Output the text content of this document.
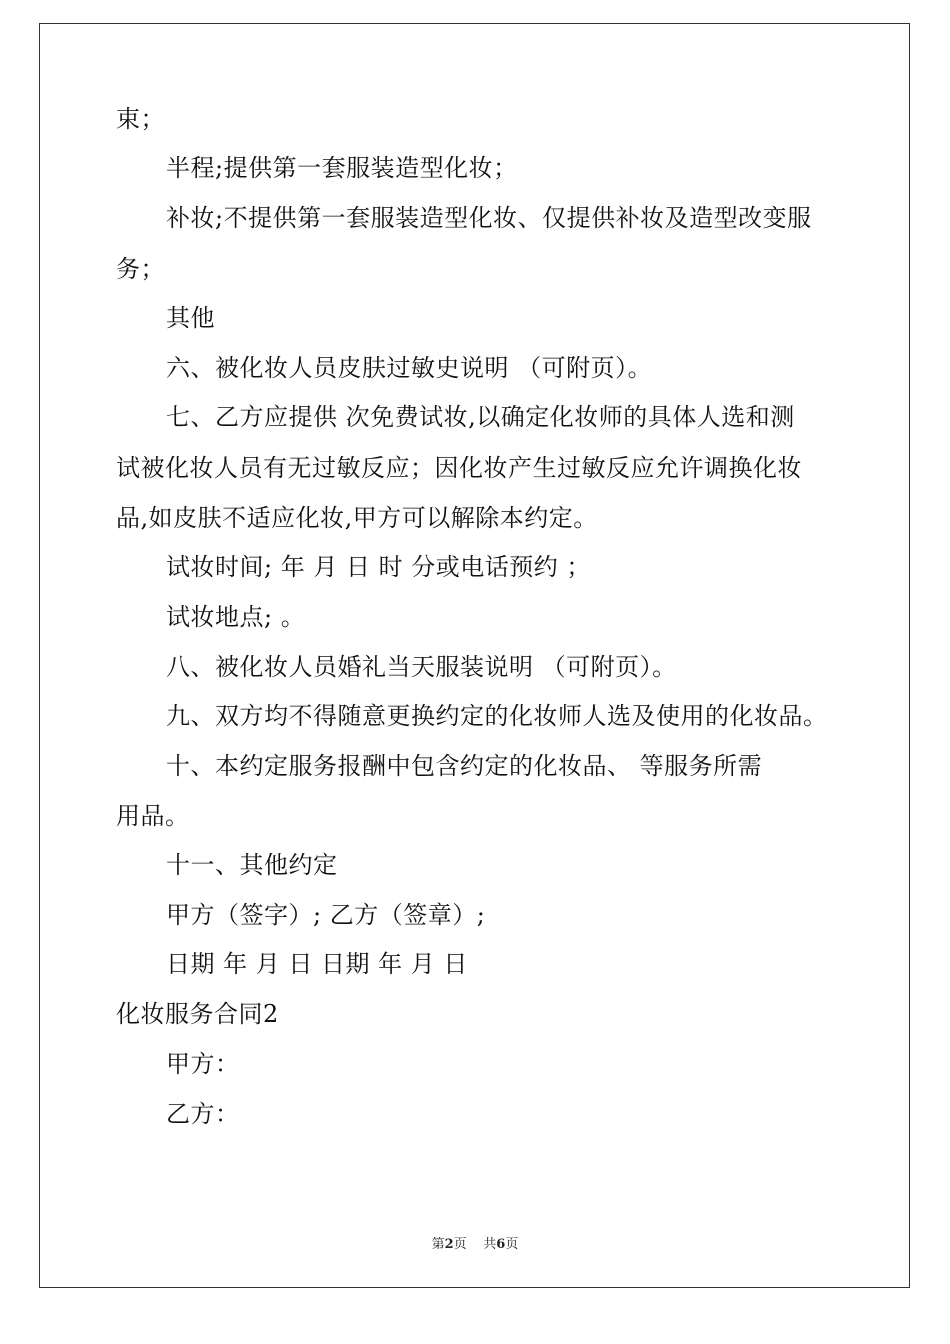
束；
半程;提供第一套服装造型化妆；
补妆;不提供第一套服装造型化妆、仅提供补妆及造型改变服
务；
其他
六、被化妆人员皮肤过敏史说明 （可附页）。
七、乙方应提供 次免费试妆,以确定化妆师的具体人选和测
试被化妆人员有无过敏反应；因化妆产生过敏反应允许调换化妆
品,如皮肤不适应化妆,甲方可以解除本约定。
试妆时间; 年 月 日 时 分或电话预约 ；
试妆地点; 。
八、被化妆人员婚礼当天服装说明 （可附页）。
九、双方均不得随意更换约定的化妆师人选及使用的化妆品。
十、本约定服务报酬中包含约定的化妆品、 等服务所需
用品。
十一、其他约定
甲方（签字）; 乙方（签章）;
日期 年 月 日 日期 年 月 日
化妆服务合同2
甲方：
乙方：
第2页 共6页
